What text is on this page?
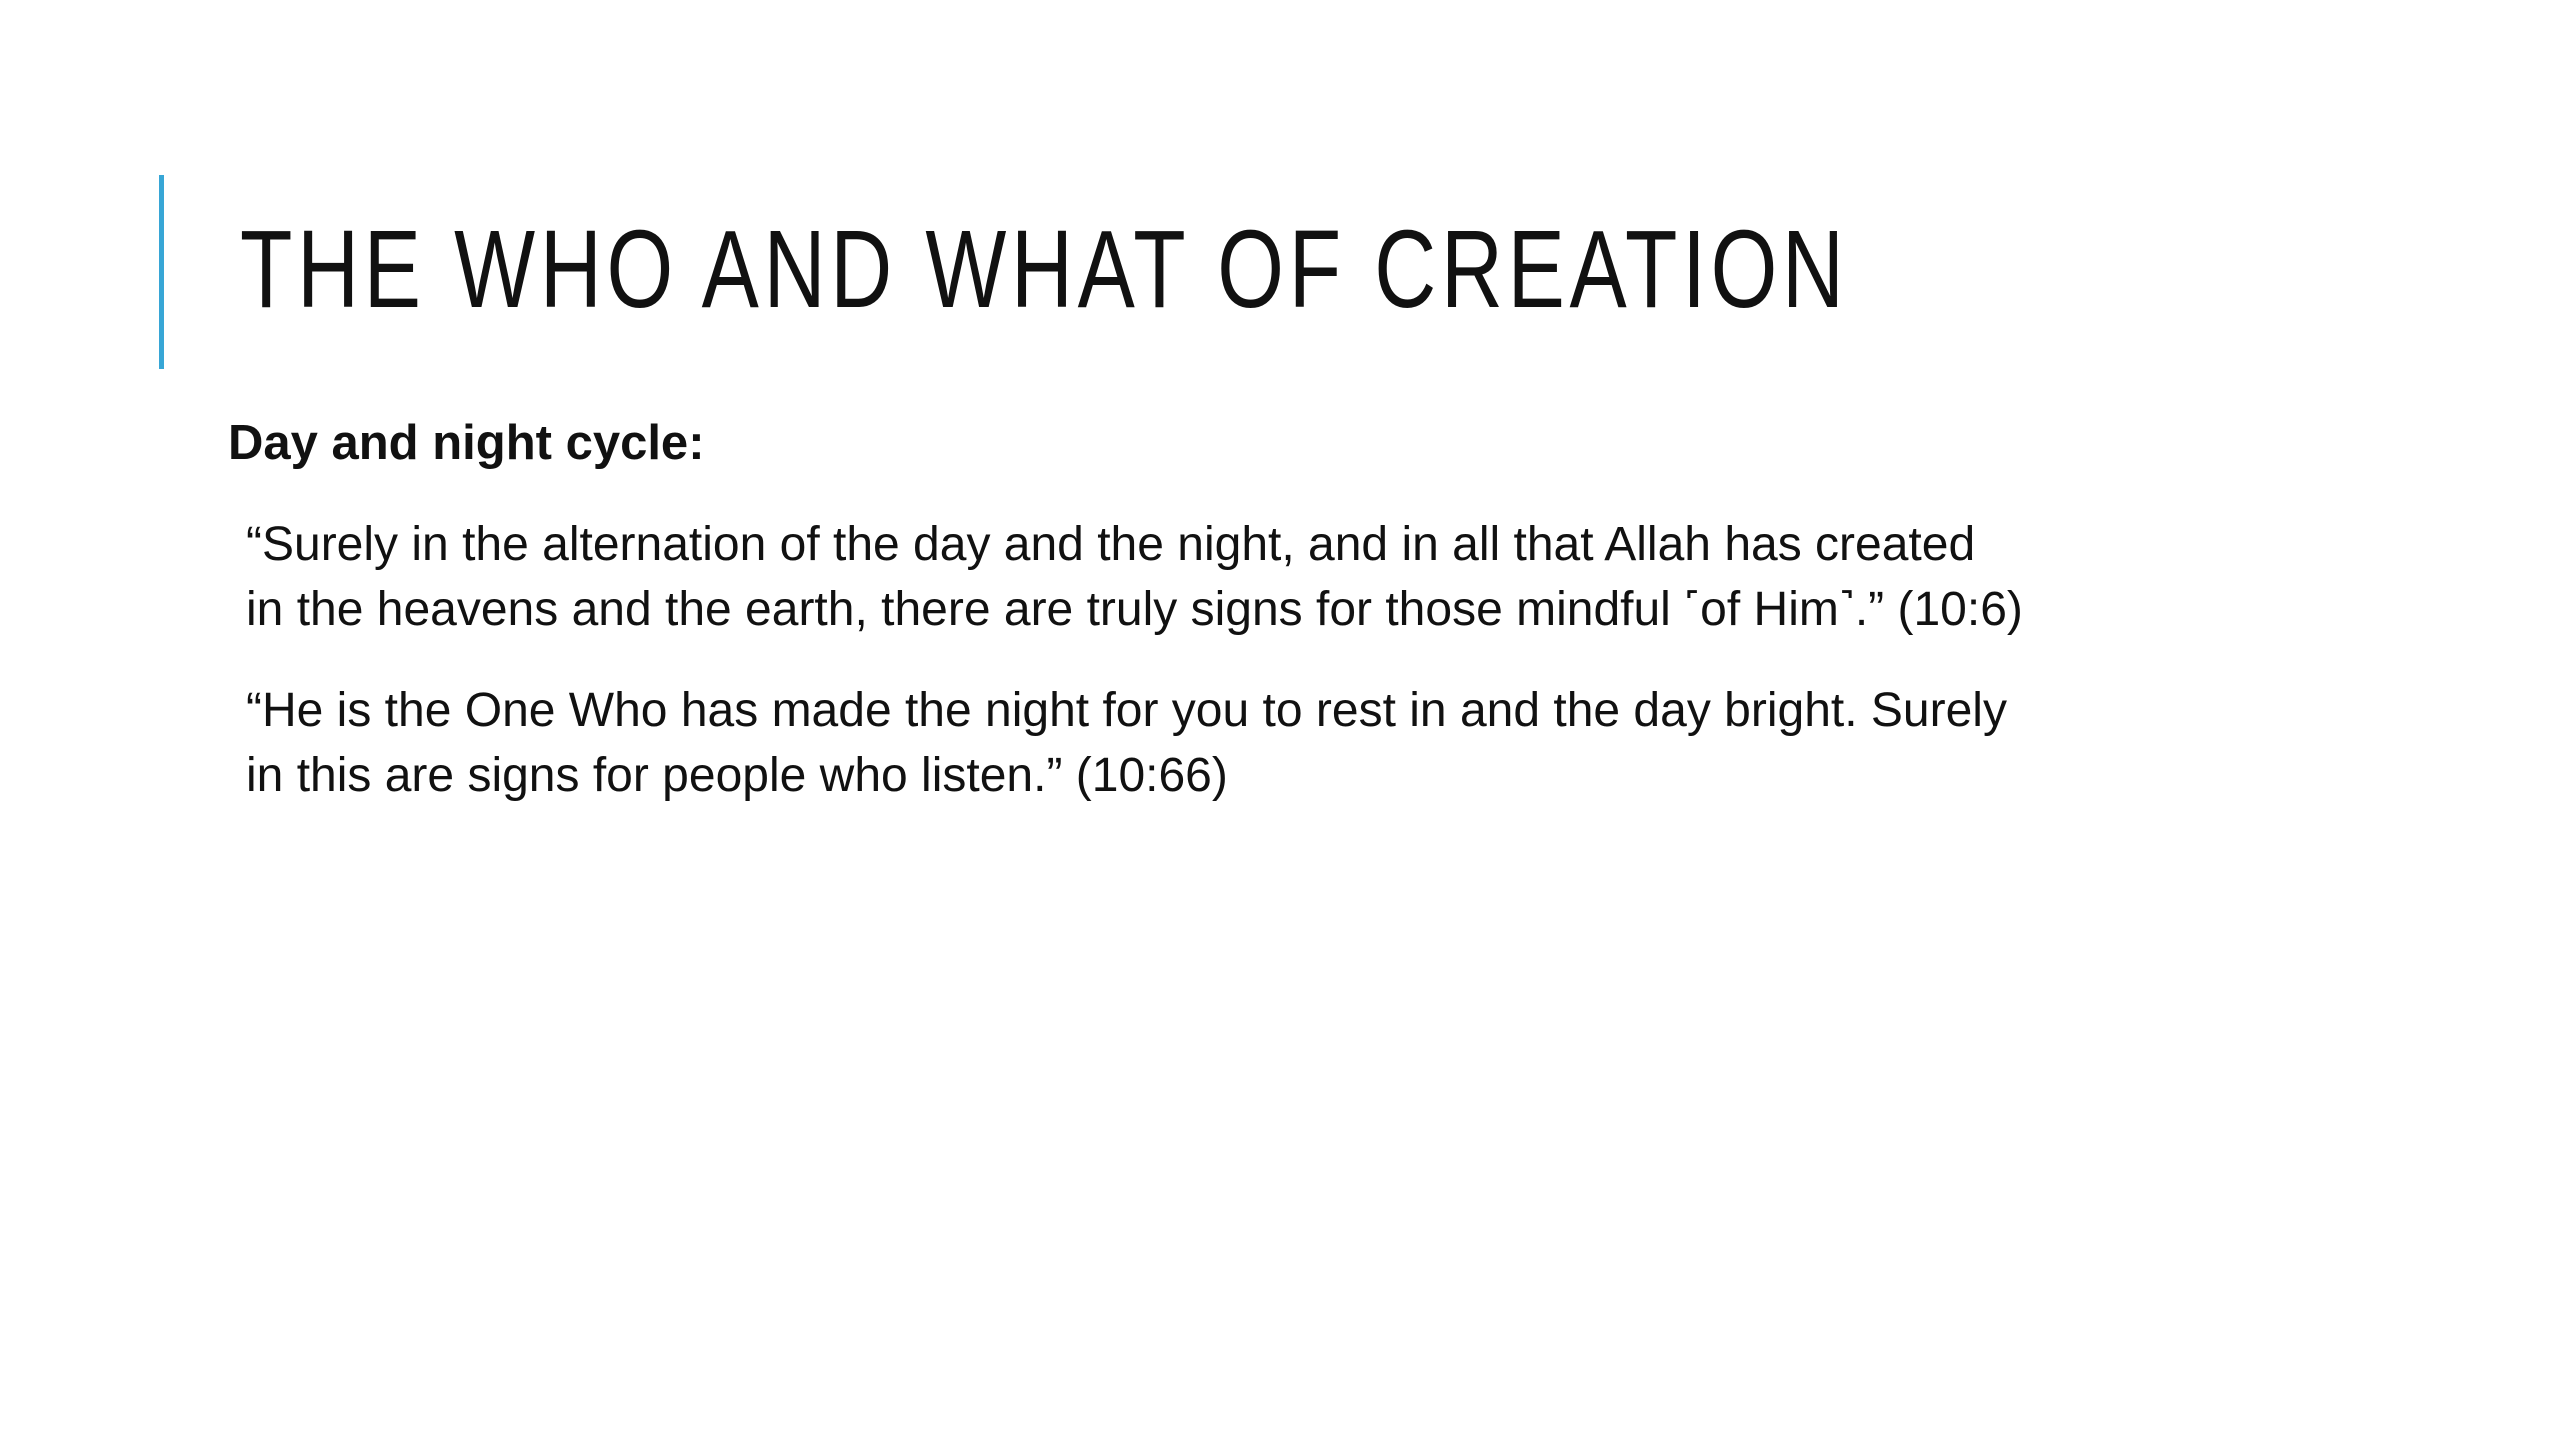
THE WHO AND WHAT OF CREATION

Day and night cycle:

“Surely in the alternation of the day and the night, and in all that Allah has created
in the heavens and the earth, there are truly signs for those mindful ˹of Him˺.” (10:6)

“He is the One Who has made the night for you to rest in and the day bright. Surely
in this are signs for people who listen.” (10:66)
